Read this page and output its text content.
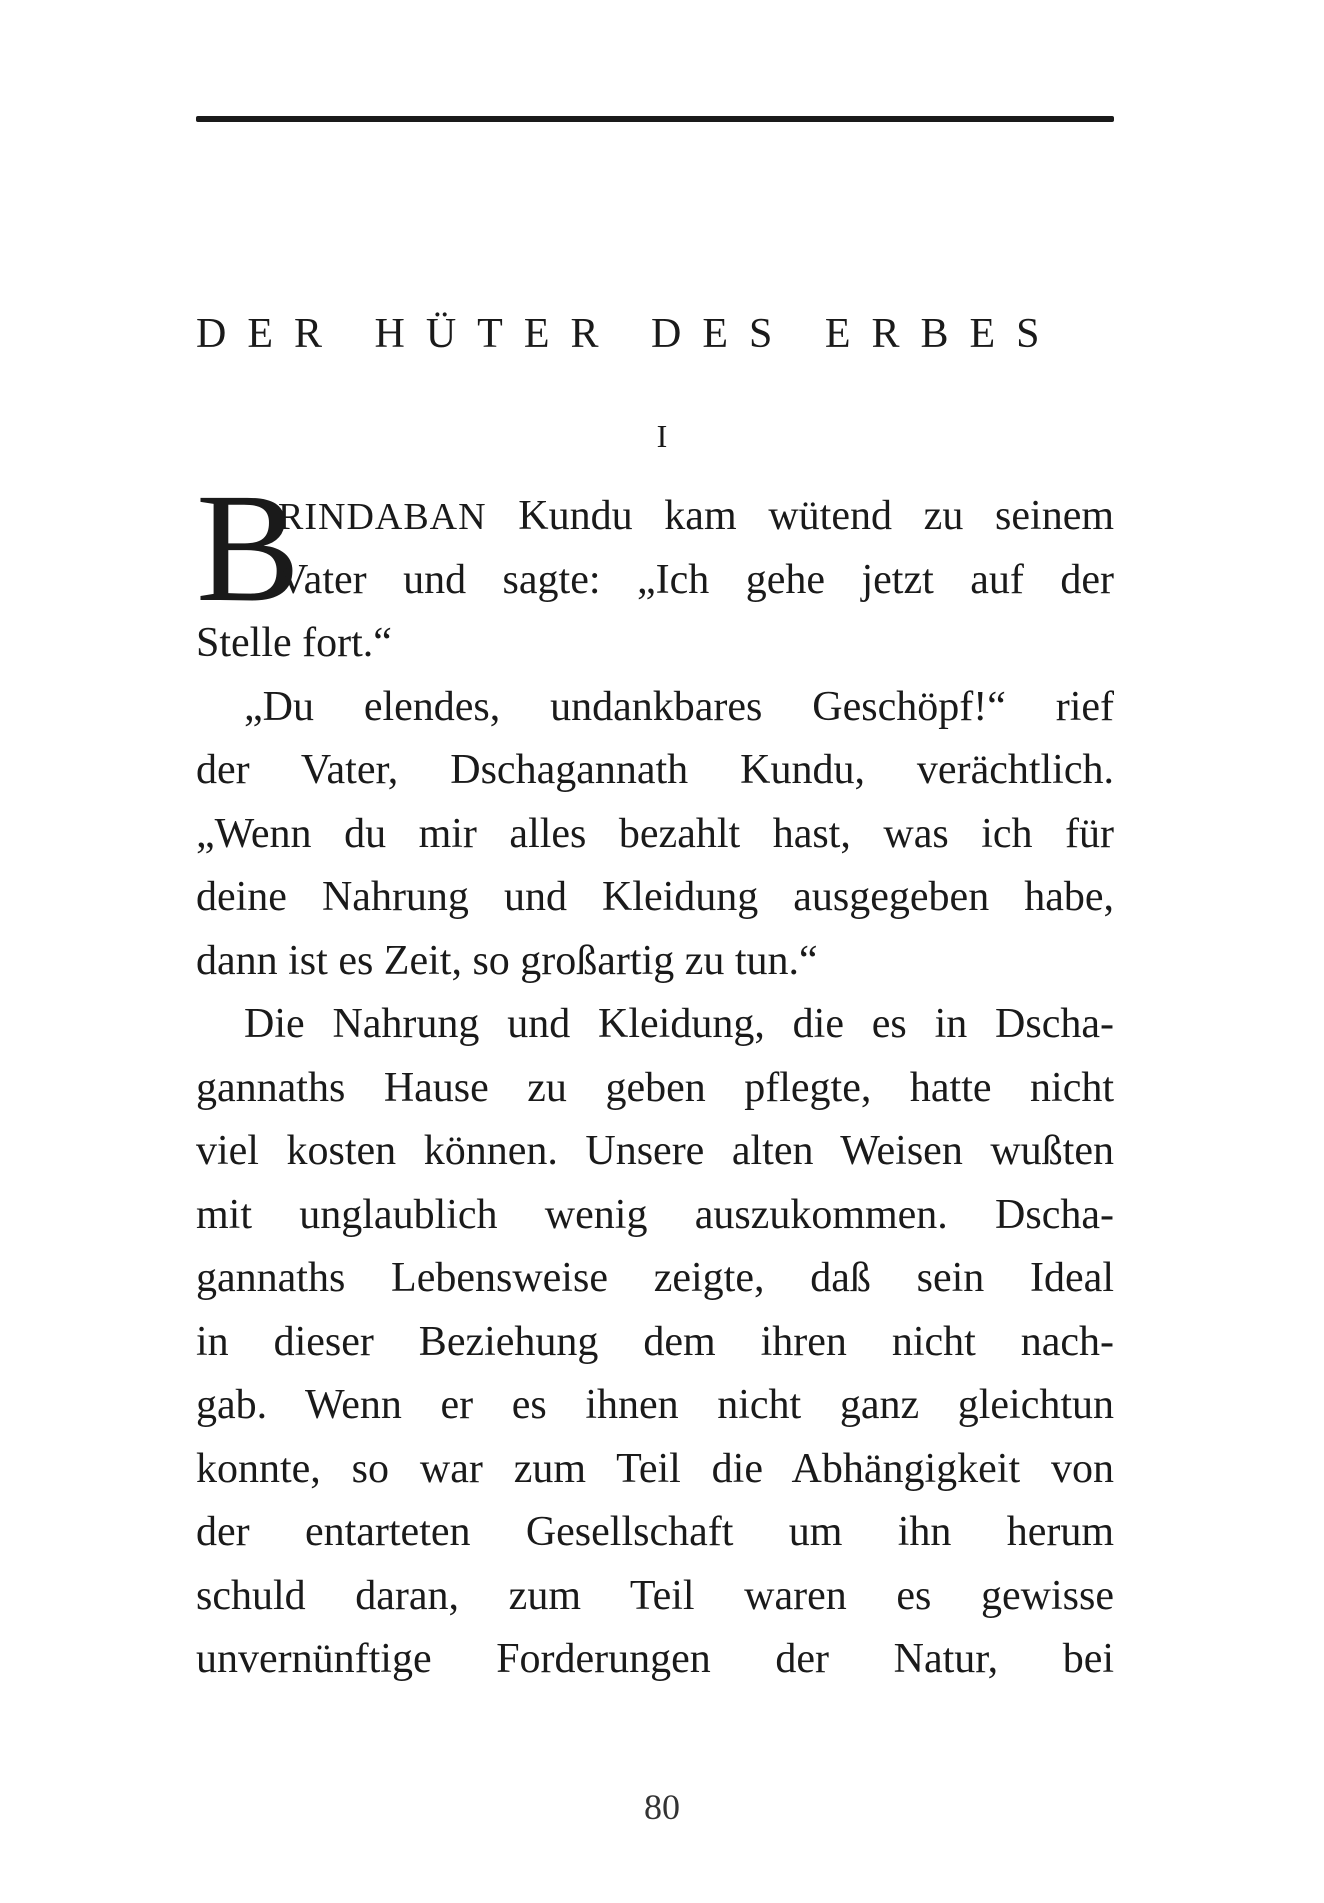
DER HÜTER DES ERBES
I
B
RINDABAN Kundu kam wütend zu seinem
Vater und sagte: „Ich gehe jetzt auf der
Stelle fort.“
„Du elendes, undankbares Geschöpf!“ rief
der Vater, Dschagannath Kundu, verächtlich.
„Wenn du mir alles bezahlt hast, was ich für
deine Nahrung und Kleidung ausgegeben habe,
dann ist es Zeit, so großartig zu tun.“
Die Nahrung und Kleidung, die es in Dscha-
gannaths Hause zu geben pflegte, hatte nicht
viel kosten können. Unsere alten Weisen wußten
mit unglaublich wenig auszukommen. Dscha-
gannaths Lebensweise zeigte, daß sein Ideal
in dieser Beziehung dem ihren nicht nach-
gab. Wenn er es ihnen nicht ganz gleichtun
konnte, so war zum Teil die Abhängigkeit von
der entarteten Gesellschaft um ihn herum
schuld daran, zum Teil waren es gewisse
unvernünftige Forderungen der Natur, bei
80
